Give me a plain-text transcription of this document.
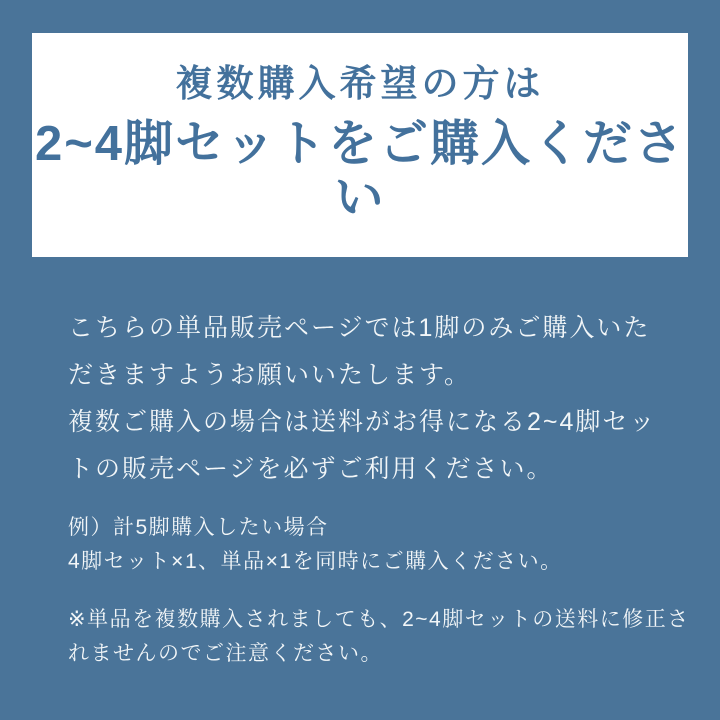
複数購入希望の方は
2~4脚セットをご購入ください

こちらの単品販売ページでは1脚のみご購入いた

だきますようお願いいたします。

複数ご購入の場合は送料がお得になる2~4脚セッ

トの販売ページを必ずご利用ください。

例）計5脚購入したい場合

4脚セット×1、単品×1を同時にご購入ください。

※単品を複数購入されましても、2~4脚セットの送料に修正さ

れませんのでご注意ください。
